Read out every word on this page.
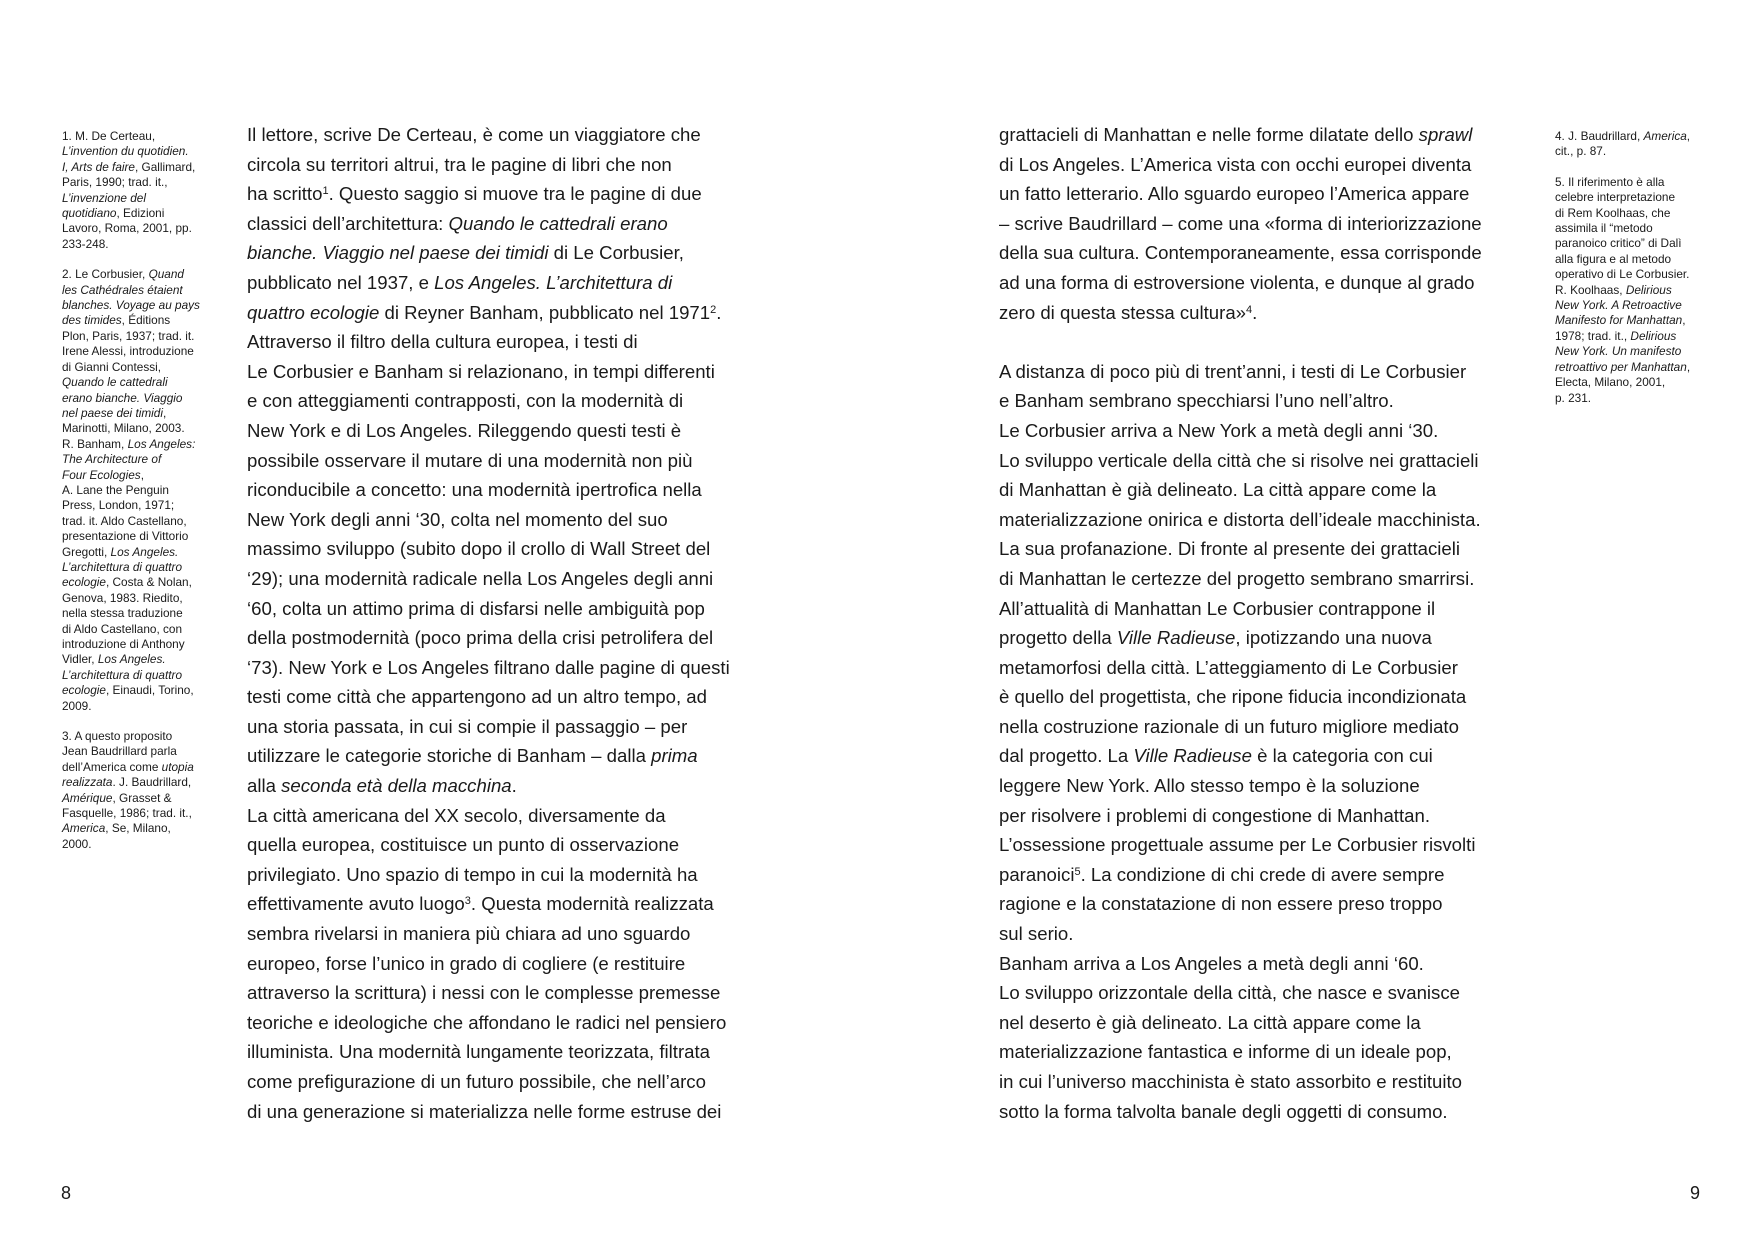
1. M. De Certeau,
L’invention du quotidien.
I, Arts de faire, Gallimard,
Paris, 1990; trad. it.,
L’invenzione del
quotidiano, Edizioni
Lavoro, Roma, 2001, pp.
233-248.

2. Le Corbusier, Quand
les Cathédrales étaient
blanches. Voyage au pays
des timides, Éditions
Plon, Paris, 1937; trad. it.
Irene Alessi, introduzione
di Gianni Contessi,
Quando le cattedrali
erano bianche. Viaggio
nel paese dei timidi,
Marinotti, Milano, 2003.
R. Banham, Los Angeles:
The Architecture of
Four Ecologies,
A. Lane the Penguin
Press, London, 1971;
trad. it. Aldo Castellano,
presentazione di Vittorio
Gregotti, Los Angeles.
L’architettura di quattro
ecologie, Costa & Nolan,
Genova, 1983. Riedito,
nella stessa traduzione
di Aldo Castellano, con
introduzione di Anthony
Vidler, Los Angeles.
L’architettura di quattro
ecologie, Einaudi, Torino,
2009.

3. A questo proposito
Jean Baudrillard parla
dell’America come utopia
realizzata. J. Baudrillard,
Amérique, Grasset &
Fasquelle, 1986; trad. it.,
America, Se, Milano,
2000.

Il lettore, scrive De Certeau, è come un viaggiatore che
circola su territori altrui, tra le pagine di libri che non
ha scritto$^1$. Questo saggio si muove tra le pagine di due
classici dell’architettura: Quando le cattedrali erano
bianche. Viaggio nel paese dei timidi di Le Corbusier,
pubblicato nel 1937, e Los Angeles. L’architettura di
quattro ecologie di Reyner Banham, pubblicato nel 1971$^2$.
Attraverso il filtro della cultura europea, i testi di
Le Corbusier e Banham si relazionano, in tempi differenti
e con atteggiamenti contrapposti, con la modernità di
New York e di Los Angeles. Rileggendo questi testi è
possibile osservare il mutare di una modernità non più
riconducibile a concetto: una modernità ipertrofica nella
New York degli anni ‘30, colta nel momento del suo
massimo sviluppo (subito dopo il crollo di Wall Street del
‘29); una modernità radicale nella Los Angeles degli anni
‘60, colta un attimo prima di disfarsi nelle ambiguità pop
della postmodernità (poco prima della crisi petrolifera del
‘73). New York e Los Angeles filtrano dalle pagine di questi
testi come città che appartengono ad un altro tempo, ad
una storia passata, in cui si compie il passaggio – per
utilizzare le categorie storiche di Banham – dalla prima
alla seconda età della macchina.

La città americana del XX secolo, diversamente da
quella europea, costituisce un punto di osservazione
privilegiato. Uno spazio di tempo in cui la modernità ha
effettivamente avuto luogo$^3$. Questa modernità realizzata
sembra rivelarsi in maniera più chiara ad uno sguardo
europeo, forse l’unico in grado di cogliere (e restituire
attraverso la scrittura) i nessi con le complesse premesse
teoriche e ideologiche che affondano le radici nel pensiero
illuminista. Una modernità lungamente teorizzata, filtrata
come prefigurazione di un futuro possibile, che nell’arco
di una generazione si materializza nelle forme estruse dei

8

grattacieli di Manhattan e nelle forme dilatate dello sprawl
di Los Angeles. L’America vista con occhi europei diventa
un fatto letterario. Allo sguardo europeo l’America appare
– scrive Baudrillard – come una «forma di interiorizzazione
della sua cultura. Contemporaneamente, essa corrisponde
ad una forma di estroversione violenta, e dunque al grado
zero di questa stessa cultura»$^4$.

A distanza di poco più di trent’anni, i testi di Le Corbusier
e Banham sembrano specchiarsi l’uno nell’altro.

Le Corbusier arriva a New York a metà degli anni ‘30.
Lo sviluppo verticale della città che si risolve nei grattacieli
di Manhattan è già delineato. La città appare come la
materializzazione onirica e distorta dell’ideale macchinista.
La sua profanazione. Di fronte al presente dei grattacieli
di Manhattan le certezze del progetto sembrano smarrirsi.
All’attualità di Manhattan Le Corbusier contrappone il
progetto della Ville Radieuse, ipotizzando una nuova
metamorfosi della città. L’atteggiamento di Le Corbusier
è quello del progettista, che ripone fiducia incondizionata
nella costruzione razionale di un futuro migliore mediato
dal progetto. La Ville Radieuse è la categoria con cui
leggere New York. Allo stesso tempo è la soluzione
per risolvere i problemi di congestione di Manhattan.
L’ossessione progettuale assume per Le Corbusier risvolti
paranoici$^5$. La condizione di chi crede di avere sempre
ragione e la constatazione di non essere preso troppo
sul serio.

Banham arriva a Los Angeles a metà degli anni ‘60.
Lo sviluppo orizzontale della città, che nasce e svanisce
nel deserto è già delineato. La città appare come la
materializzazione fantastica e informe di un ideale pop,
in cui l’universo macchinista è stato assorbito e restituito
sotto la forma talvolta banale degli oggetti di consumo.

4. J. Baudrillard, America,
cit., p. 87.

5. Il riferimento è alla
celebre interpretazione
di Rem Koolhaas, che
assimila il “metodo
paranoico critico” di Dalì
alla figura e al metodo
operativo di Le Corbusier.
R. Koolhaas, Delirious
New York. A Retroactive
Manifesto for Manhattan,
1978; trad. it., Delirious
New York. Un manifesto
retroattivo per Manhattan,
Electa, Milano, 2001,
p. 231.

9
